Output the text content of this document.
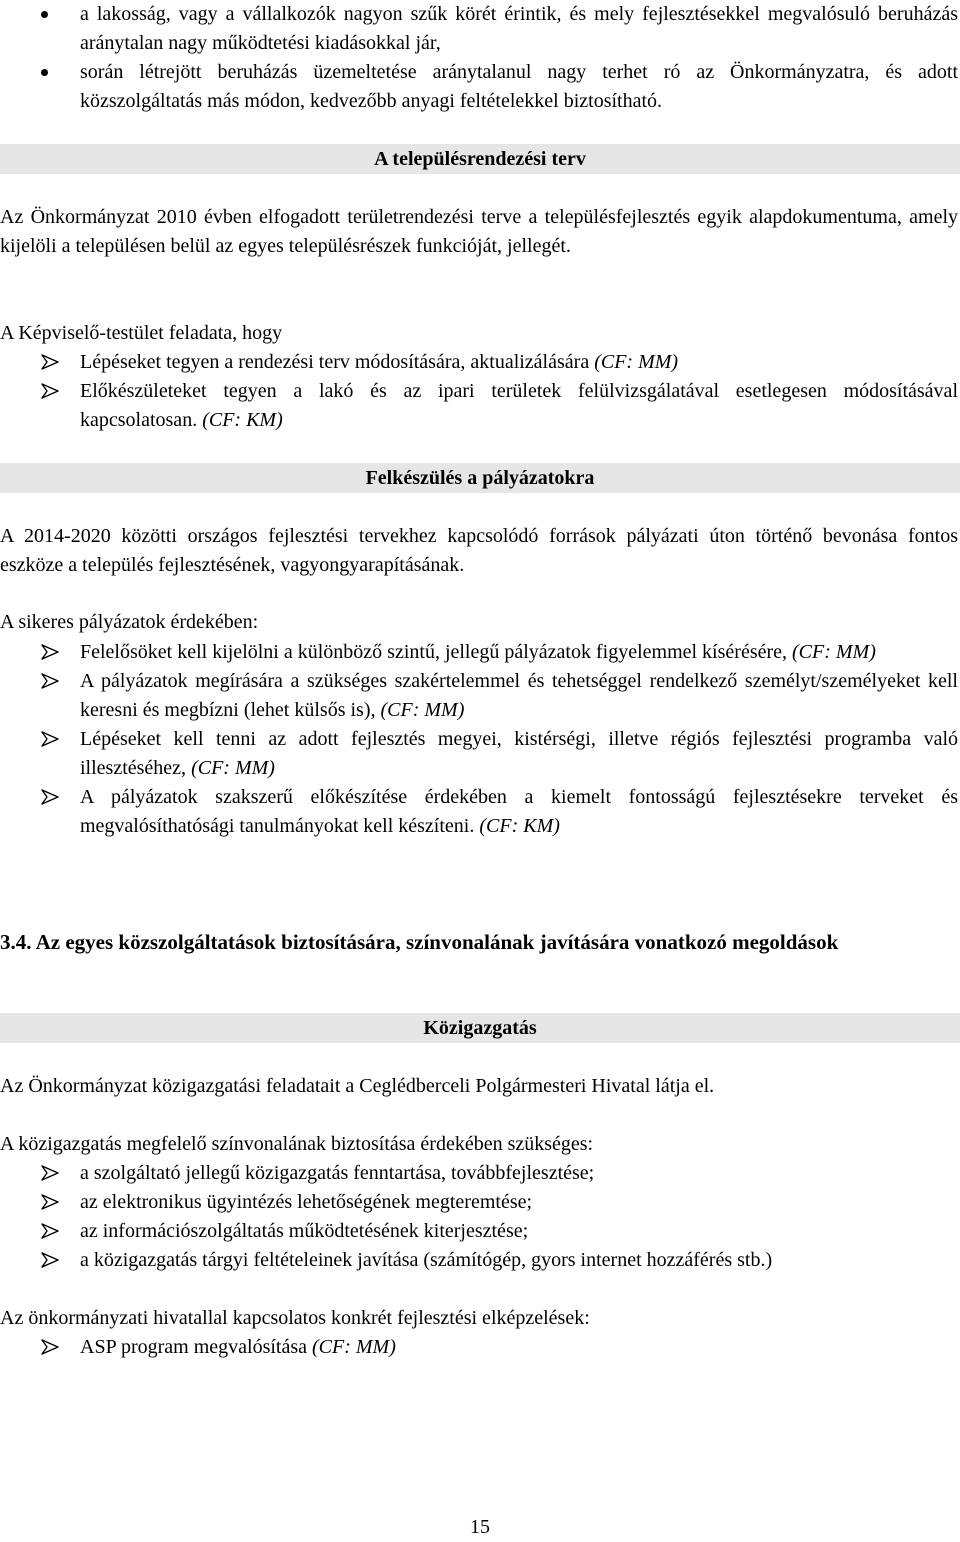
a lakosság, vagy a vállalkozók nagyon szűk körét érintik, és mely fejlesztésekkel megvalósuló beruházás aránytalan nagy működtetési kiadásokkal jár,
során létrejött beruházás üzemeltetése aránytalanul nagy terhet ró az Önkormányzatra, és adott közszolgáltatás más módon, kedvezőbb anyagi feltételekkel biztosítható.
A településrendezési terv

Az Önkormányzat 2010 évben elfogadott területrendezési terve a településfejlesztés egyik alapdokumentuma, amely kijelöli a településen belül az egyes településrészek funkcióját, jellegét.

A Képviselő-testület feladata, hogy

Lépéseket tegyen a rendezési terv módosítására, aktualizálására (CF: MM)
Előkészületeket tegyen a lakó és az ipari területek felülvizsgálatával esetlegesen módosításával kapcsolatosan. (CF: KM)
Felkészülés a pályázatokra

A 2014-2020 közötti országos fejlesztési tervekhez kapcsolódó források pályázati úton történő bevonása fontos eszköze a település fejlesztésének, vagyongyarapításának.

A sikeres pályázatok érdekében:

Felelősöket kell kijelölni a különböző szintű, jellegű pályázatok figyelemmel kísérésére, (CF: MM)
A pályázatok megírására a szükséges szakértelemmel és tehetséggel rendelkező személyt/személyeket kell keresni és megbízni (lehet külsős is), (CF: MM)
Lépéseket kell tenni az adott fejlesztés megyei, kistérségi, illetve régiós fejlesztési programba való illesztéséhez, (CF: MM)
A pályázatok szakszerű előkészítése érdekében a kiemelt fontosságú fejlesztésekre terveket és megvalósíthatósági tanulmányokat kell készíteni. (CF: KM)
3.4. Az egyes közszolgáltatások biztosítására, színvonalának javítására vonatkozó megoldások
Közigazgatás

Az Önkormányzat közigazgatási feladatait a Ceglédberceli Polgármesteri Hivatal látja el.

A közigazgatás megfelelő színvonalának biztosítása érdekében szükséges:

a szolgáltató jellegű közigazgatás fenntartása, továbbfejlesztése;
az elektronikus ügyintézés lehetőségének megteremtése;
az információszolgáltatás működtetésének kiterjesztése;
a közigazgatás tárgyi feltételeinek javítása (számítógép, gyors internet hozzáférés stb.)

Az önkormányzati hivatallal kapcsolatos konkrét fejlesztési elképzelések:

ASP program megvalósítása (CF: MM)
15
